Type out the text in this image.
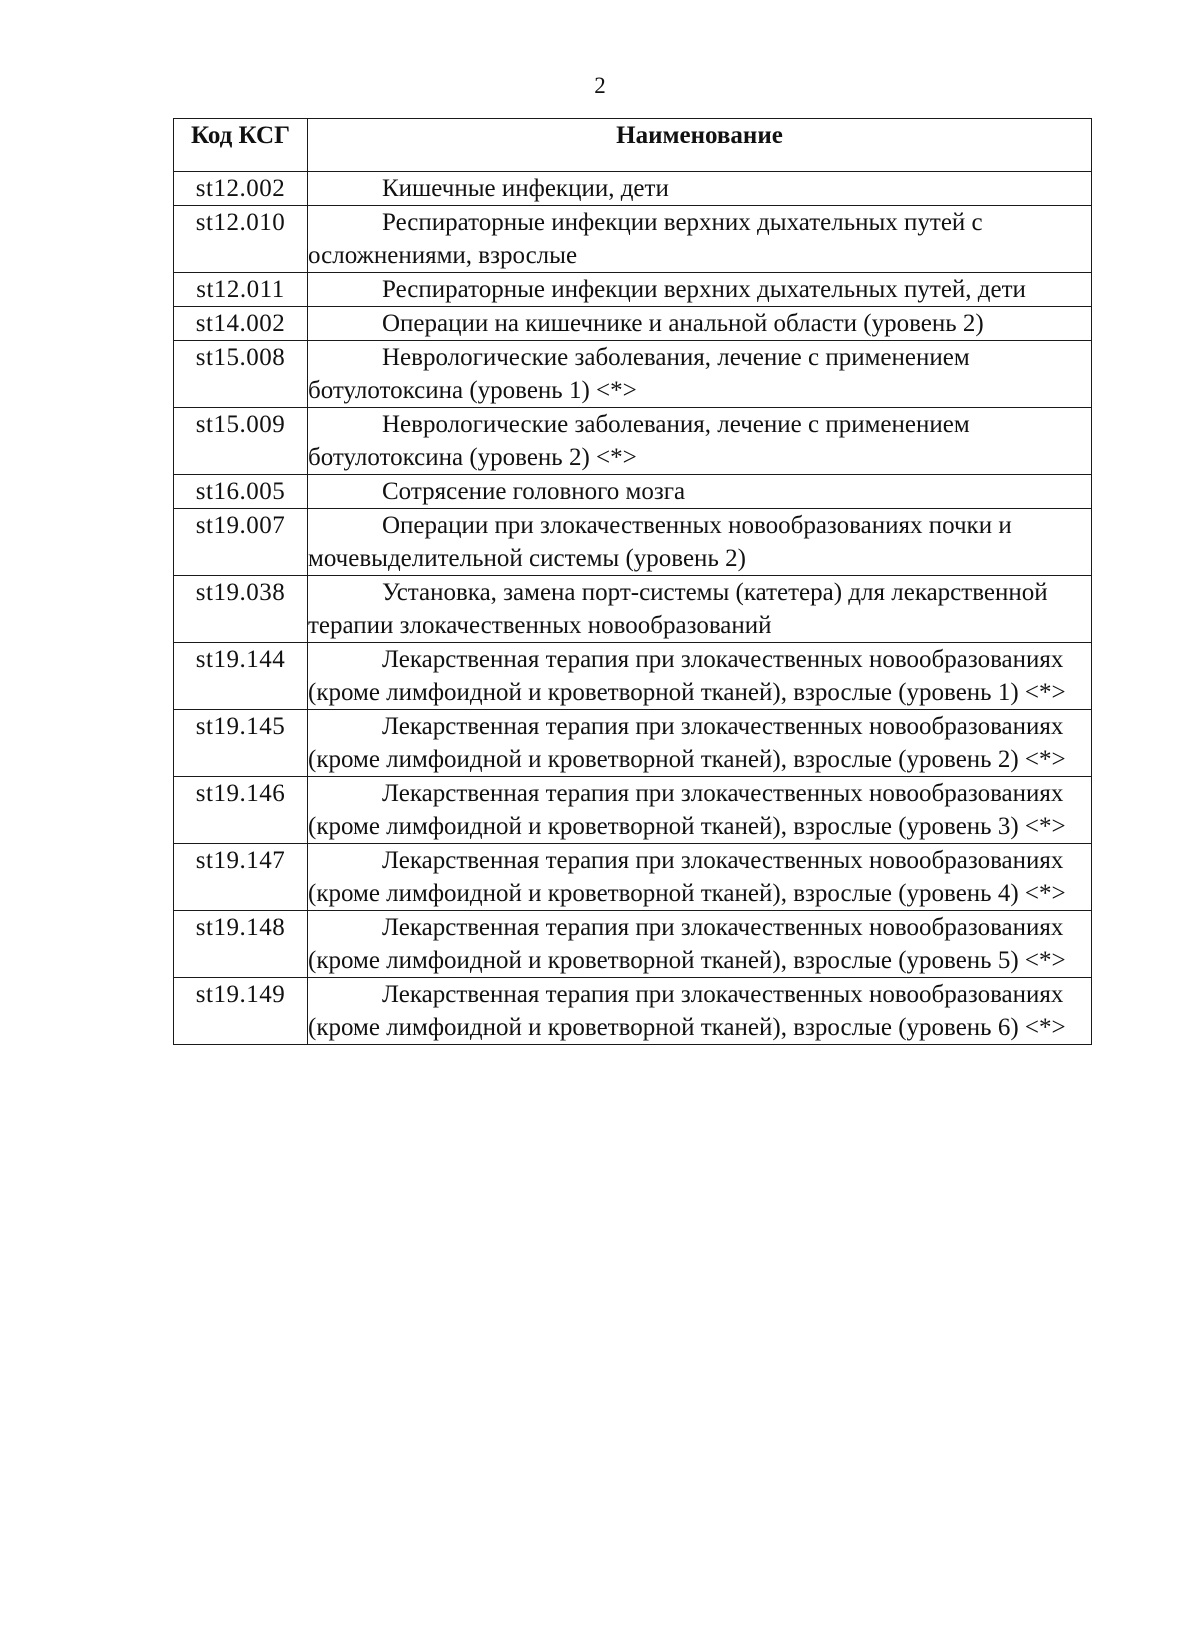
2
Код КСГ	Наименование
st12.002	Кишечные инфекции, дети
st12.010	Респираторные инфекции верхних дыхательных путей с осложнениями, взрослые
st12.011	Респираторные инфекции верхних дыхательных путей, дети
st14.002	Операции на кишечнике и анальной области (уровень 2)
st15.008	Неврологические заболевания, лечение с применением ботулотоксина (уровень 1) <*>
st15.009	Неврологические заболевания, лечение с применением ботулотоксина (уровень 2) <*>
st16.005	Сотрясение головного мозга
st19.007	Операции при злокачественных новообразованиях почки и мочевыделительной системы (уровень 2)
st19.038	Установка, замена порт-системы (катетера) для лекарственной терапии злокачественных новообразований
st19.144	Лекарственная терапия при злокачественных новообразованиях (кроме лимфоидной и кроветворной тканей), взрослые (уровень 1) <*>
st19.145	Лекарственная терапия при злокачественных новообразованиях (кроме лимфоидной и кроветворной тканей), взрослые (уровень 2) <*>
st19.146	Лекарственная терапия при злокачественных новообразованиях (кроме лимфоидной и кроветворной тканей), взрослые (уровень 3) <*>
st19.147	Лекарственная терапия при злокачественных новообразованиях (кроме лимфоидной и кроветворной тканей), взрослые (уровень 4) <*>
st19.148	Лекарственная терапия при злокачественных новообразованиях (кроме лимфоидной и кроветворной тканей), взрослые (уровень 5) <*>
st19.149	Лекарственная терапия при злокачественных новообразованиях (кроме лимфоидной и кроветворной тканей), взрослые (уровень 6) <*>
